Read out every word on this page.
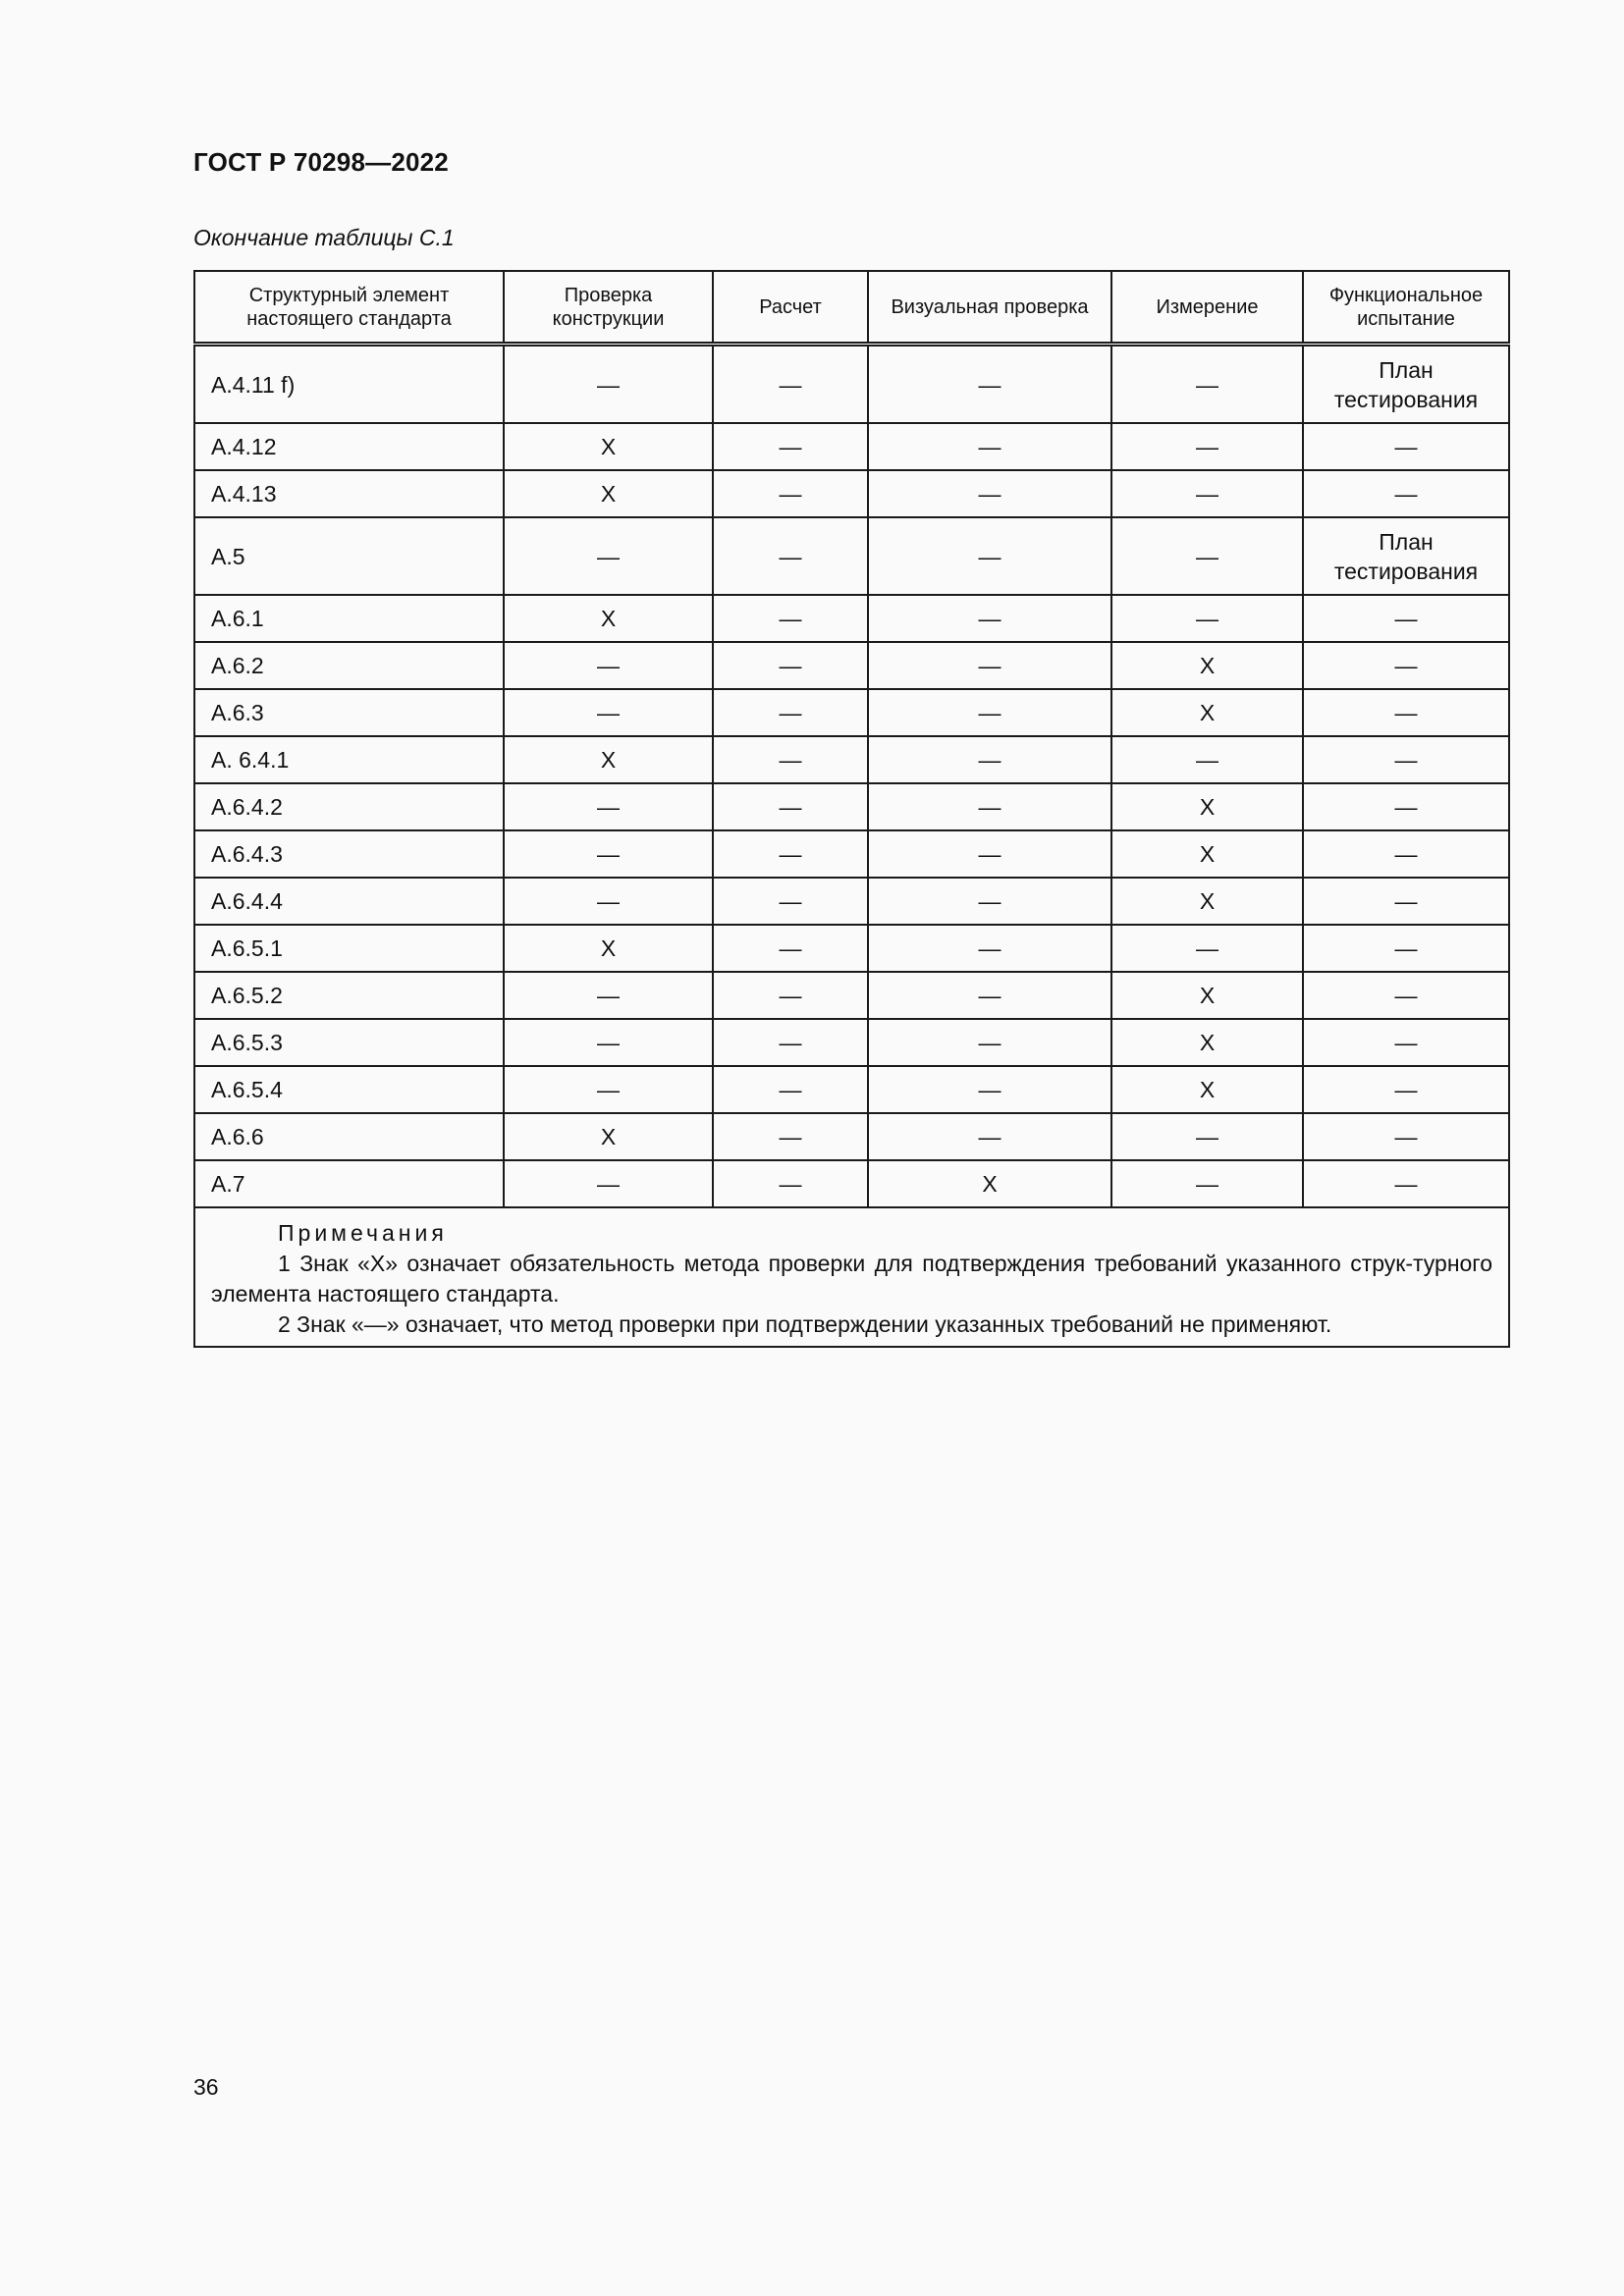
ГОСТ Р 70298—2022
Окончание таблицы С.1
Структурный элемент настоящего стандарта	Проверка конструкции	Расчет	Визуальная проверка	Измерение	Функциональное испытание
А.4.11 f)	—	—	—	—	План тестирования
А.4.12	X	—	—	—	—
А.4.13	X	—	—	—	—
А.5	—	—	—	—	План тестирования
А.6.1	X	—	—	—	—
А.6.2	—	—	—	X	—
А.6.3	—	—	—	X	—
А. 6.4.1	X	—	—	—	—
А.6.4.2	—	—	—	X	—
А.6.4.3	—	—	—	X	—
А.6.4.4	—	—	—	X	—
А.6.5.1	X	—	—	—	—
А.6.5.2	—	—	—	X	—
А.6.5.3	—	—	—	X	—
А.6.5.4	—	—	—	X	—
А.6.6	X	—	—	—	—
А.7	—	—	X	—	—

Примечания
1 Знак «Х» означает обязательность метода проверки для подтверждения требований указанного струк-турного элемента настоящего стандарта.
2 Знак «—» означает, что метод проверки при подтверждении указанных требований не применяют.					
36
